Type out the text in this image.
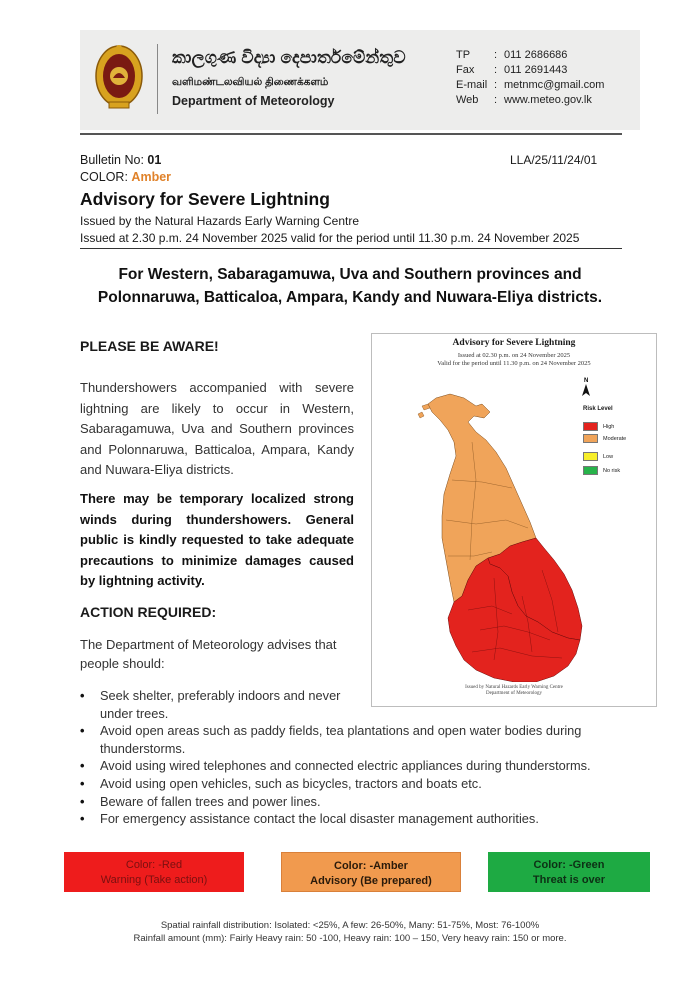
කාලගුණ විද්‍යා දෙපාර්තමේන්තුව
வளிமண்டலவியல் திணைக்களம்
Department of Meteorology
TP : 011 2686686
Fax : 011 2691443
E-mail : metnmc@gmail.com
Web : www.meteo.gov.lk
Bulletin No: 01	LLA/25/11/24/01
COLOR: Amber
Advisory for Severe Lightning
Issued by the Natural Hazards Early Warning Centre
Issued at 2.30 p.m. 24 November 2025 valid for the period until 11.30 p.m. 24 November 2025
For Western, Sabaragamuwa, Uva and Southern provinces and Polonnaruwa, Batticaloa, Ampara, Kandy and Nuwara-Eliya districts.
PLEASE BE AWARE!
Thundershowers accompanied with severe lightning are likely to occur in Western, Sabaragamuwa, Uva and Southern provinces and Polonnaruwa, Batticaloa, Ampara, Kandy and Nuwara-Eliya districts.
There may be temporary localized strong winds during thundershowers. General public is kindly requested to take adequate precautions to minimize damages caused by lightning activity.
ACTION REQUIRED:
The Department of Meteorology advises that people should:
• Seek shelter, preferably indoors and never under trees.
• Avoid open areas such as paddy fields, tea plantations and open water bodies during thunderstorms.
• Avoid using wired telephones and connected electric appliances during thunderstorms.
• Avoid using open vehicles, such as bicycles, tractors and boats etc.
• Beware of fallen trees and power lines.
• For emergency assistance contact the local disaster management authorities.
Advisory for Severe Lightning
Issued at 02.30 p.m. on 24 November 2025
Valid for the period until 11.30 p.m. on 24 November 2025
N
Risk Level
High
Moderate
Low
No risk
Issued by Natural Hazards Early Warning Centre
Department of Meteorology
Color: -Red
Warning (Take action)
Color: -Amber
Advisory (Be prepared)
Color: -Green
Threat is over
Spatial rainfall distribution: Isolated: <25%, A few: 26-50%, Many: 51-75%, Most: 76-100%
Rainfall amount (mm): Fairly Heavy rain: 50 -100, Heavy rain: 100 – 150, Very heavy rain: 150 or more.
